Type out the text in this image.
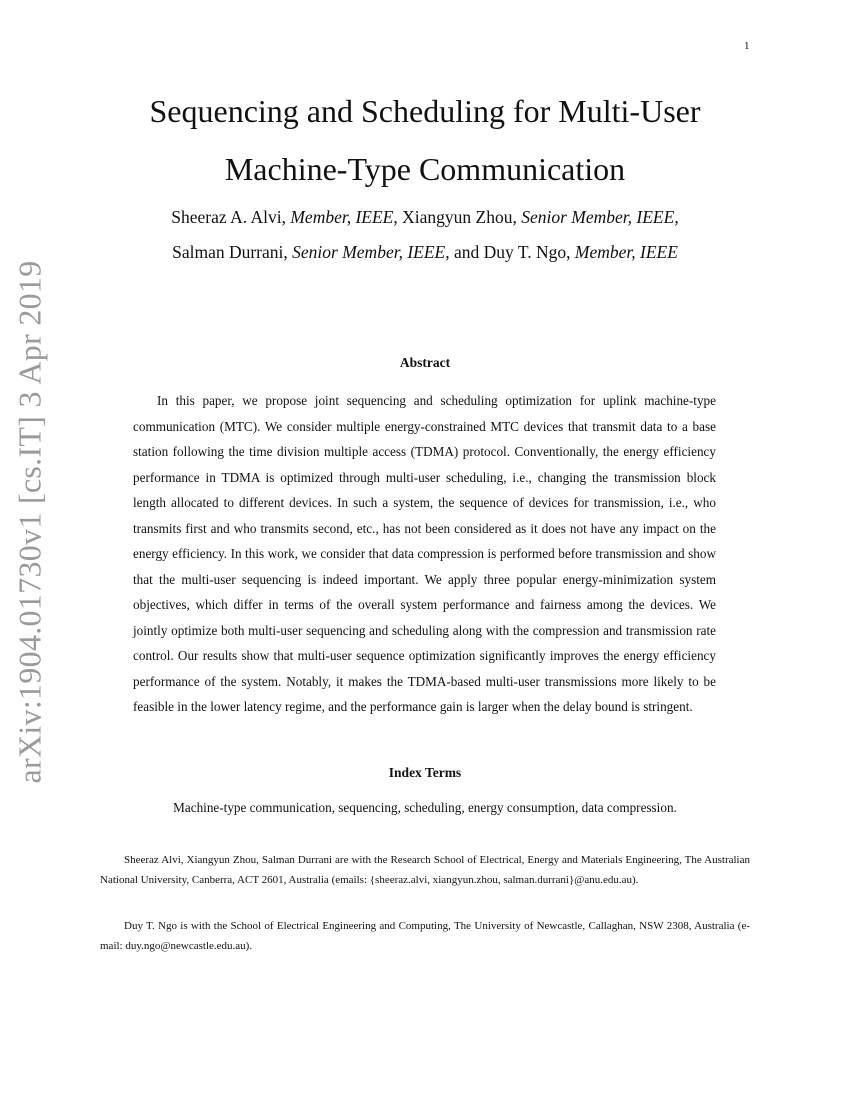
1
arXiv:1904.01730v1 [cs.IT] 3 Apr 2019
Sequencing and Scheduling for Multi-User
Machine-Type Communication
Sheeraz A. Alvi, Member, IEEE, Xiangyun Zhou, Senior Member, IEEE,
Salman Durrani, Senior Member, IEEE, and Duy T. Ngo, Member, IEEE
Abstract
In this paper, we propose joint sequencing and scheduling optimization for uplink machine-type communication (MTC). We consider multiple energy-constrained MTC devices that transmit data to a base station following the time division multiple access (TDMA) protocol. Conventionally, the energy efficiency performance in TDMA is optimized through multi-user scheduling, i.e., changing the transmission block length allocated to different devices. In such a system, the sequence of devices for transmission, i.e., who transmits first and who transmits second, etc., has not been considered as it does not have any impact on the energy efficiency. In this work, we consider that data compression is performed before transmission and show that the multi-user sequencing is indeed important. We apply three popular energy-minimization system objectives, which differ in terms of the overall system performance and fairness among the devices. We jointly optimize both multi-user sequencing and scheduling along with the compression and transmission rate control. Our results show that multi-user sequence optimization significantly improves the energy efficiency performance of the system. Notably, it makes the TDMA-based multi-user transmissions more likely to be feasible in the lower latency regime, and the performance gain is larger when the delay bound is stringent.
Index Terms
Machine-type communication, sequencing, scheduling, energy consumption, data compression.
Sheeraz Alvi, Xiangyun Zhou, Salman Durrani are with the Research School of Electrical, Energy and Materials Engineering, The Australian National University, Canberra, ACT 2601, Australia (emails: {sheeraz.alvi, xiangyun.zhou, salman.durrani}@anu.edu.au).
Duy T. Ngo is with the School of Electrical Engineering and Computing, The University of Newcastle, Callaghan, NSW 2308, Australia (e-mail: duy.ngo@newcastle.edu.au).
